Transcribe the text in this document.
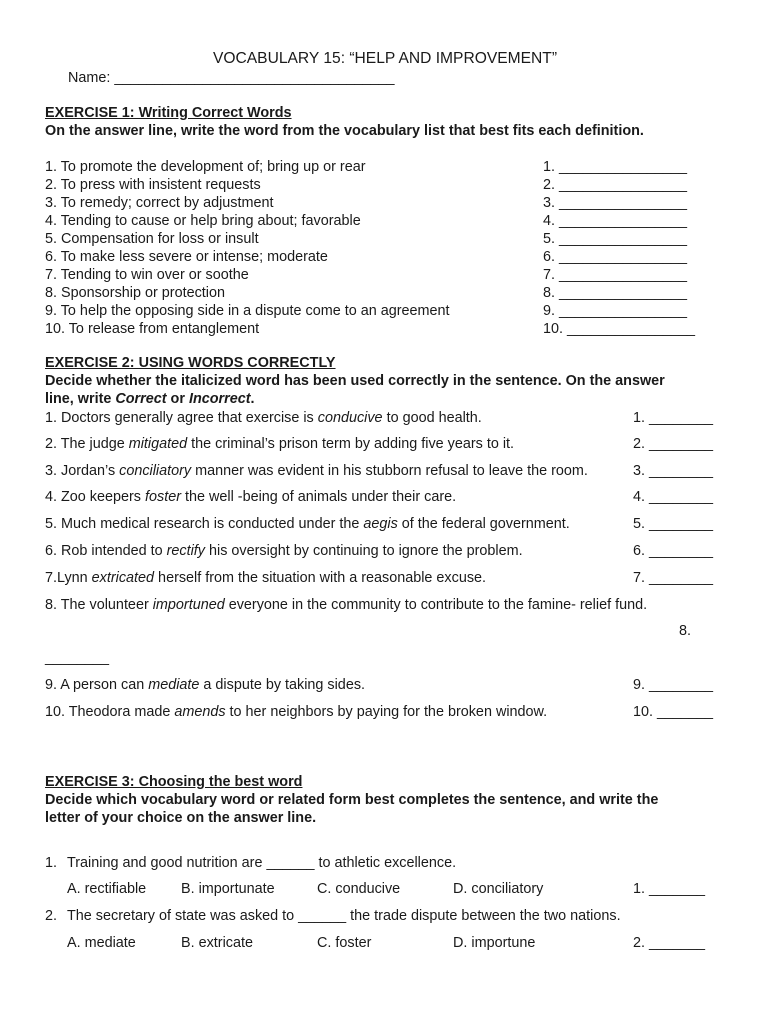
VOCABULARY 15: “HELP AND IMPROVEMENT”
Name: ___________________________________
EXERCISE 1: Writing Correct Words
On the answer line, write the word from the vocabulary list that best fits each definition.
1. To promote the development of; bring up or rear	1. ________________
2. To press with insistent requests	2. ________________
3. To remedy; correct by adjustment	3. ________________
4. Tending to cause or help bring about; favorable	4. ________________
5. Compensation for loss or insult	5. ________________
6. To make less severe or intense; moderate	6. ________________
7. Tending to win over or soothe	7. ________________
8. Sponsorship or protection	8. ________________
9. To help the opposing side in a dispute come to an agreement	9. ________________
10. To release from entanglement	10. ________________
EXERCISE 2: USING WORDS CORRECTLY
Decide whether the italicized word has been used correctly in the sentence. On the answer
line, write Correct or Incorrect.
1. Doctors generally agree that exercise is conducive to good health.	1. ________
2. The judge mitigated the criminal’s prison term by adding five years to it.	2. ________
3. Jordan’s conciliatory manner was evident in his stubborn refusal to leave the room.	3. ________
4. Zoo keepers foster the well -being of animals under their care.	4. ________
5. Much medical research is conducted under the aegis of the federal government.	5. ________
6. Rob intended to rectify his oversight by continuing to ignore the problem.	6. ________
7.Lynn extricated herself from the situation with a reasonable excuse.	7. ________
8. The volunteer importuned everyone in the community to contribute to the famine- relief fund.
8.
________
9. A person can mediate a dispute by taking sides.	9. ________
10. Theodora made amends to her neighbors by paying for the broken window.	10. _______
EXERCISE 3: Choosing the best word
Decide which vocabulary word or related form best completes the sentence, and write the
letter of your choice on the answer line.
1. Training and good nutrition are ______ to athletic excellence.
A. rectifiable B. importunate	C. conducive	D. conciliatory	1. _______
2. The secretary of state was asked to ______ the trade dispute between the two nations.
A. mediate	B. extricate	C. foster	D. importune	2. _______
